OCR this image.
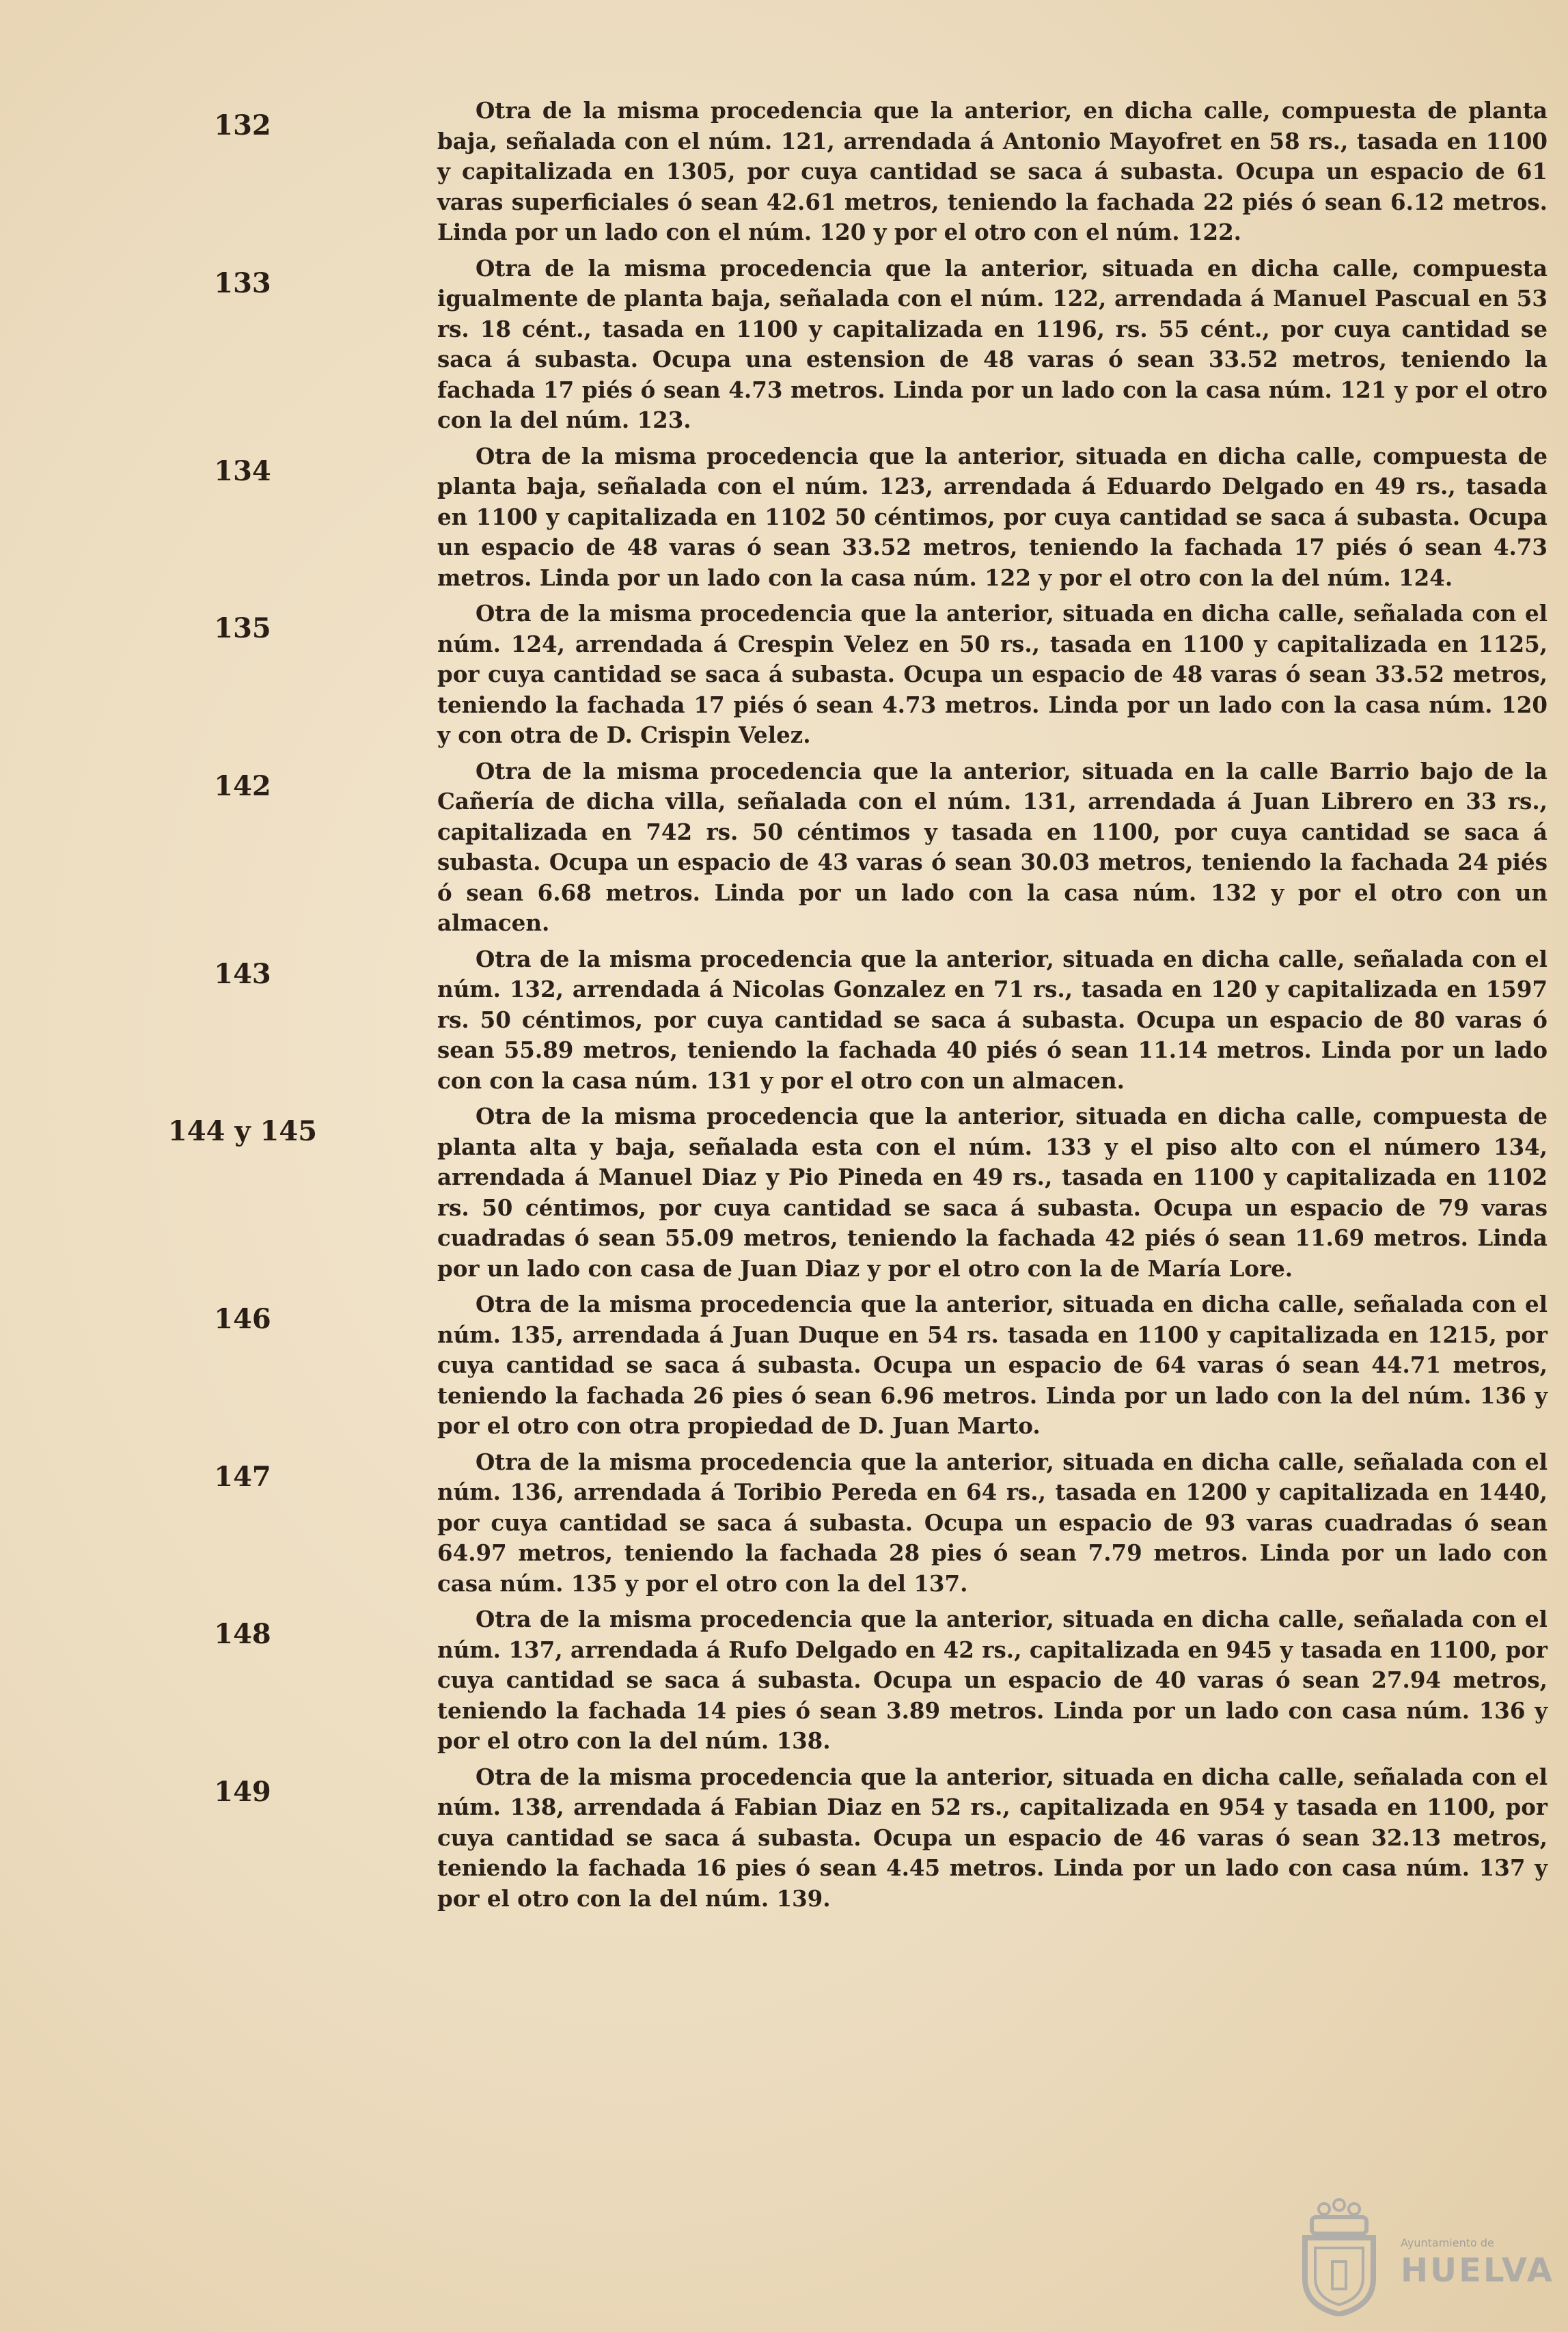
132	Otra de la misma procedencia que la anterior, en dicha calle, compuesta de planta baja, señalada con el núm. 121, arrendada á Antonio Mayofret en 58 rs., tasada en 1100 y capitalizada en 1305, por cuya cantidad se saca á subasta. Ocupa un espacio de 61 varas superficiales ó sean 42.61 metros, teniendo la fachada 22 piés ó sean 6.12 metros. Linda por un lado con el núm. 120 y por el otro con el núm. 122.

133	Otra de la misma procedencia que la anterior, situada en dicha calle, compuesta igualmente de planta baja, señalada con el núm. 122, arrendada á Manuel Pascual en 53 rs. 18 cént., tasada en 1100 y capitalizada en 1196, rs. 55 cént., por cuya cantidad se saca á subasta. Ocupa una estension de 48 varas ó sean 33.52 metros, teniendo la fachada 17 piés ó sean 4.73 metros. Linda por un lado con la casa núm. 121 y por el otro con la del núm. 123.

134	Otra de la misma procedencia que la anterior, situada en dicha calle, compuesta de planta baja, señalada con el núm. 123, arrendada á Eduardo Delgado en 49 rs., tasada en 1100 y capitalizada en 1102 50 céntimos, por cuya cantidad se saca á subasta. Ocupa un espacio de 48 varas ó sean 33.52 metros, teniendo la fachada 17 piés ó sean 4.73 metros. Linda por un lado con la casa núm. 122 y por el otro con la del núm. 124.

135	Otra de la misma procedencia que la anterior, situada en dicha calle, señalada con el núm. 124, arrendada á Crespin Velez en 50 rs., tasada en 1100 y capitalizada en 1125, por cuya cantidad se saca á subasta. Ocupa un espacio de 48 varas ó sean 33.52 metros, teniendo la fachada 17 piés ó sean 4.73 metros. Linda por un lado con la casa núm. 120 y con otra de D. Crispin Velez.

142	Otra de la misma procedencia que la anterior, situada en la calle Barrio bajo de la Cañería de dicha villa, señalada con el núm. 131, arrendada á Juan Librero en 33 rs., capitalizada en 742 rs. 50 céntimos y tasada en 1100, por cuya cantidad se saca á subasta. Ocupa un espacio de 43 varas ó sean 30.03 metros, teniendo la fachada 24 piés ó sean 6.68 metros. Linda por un lado con la casa núm. 132 y por el otro con un almacen.

143	Otra de la misma procedencia que la anterior, situada en dicha calle, señalada con el núm. 132, arrendada á Nicolas Gonzalez en 71 rs., tasada en 120 y capitalizada en 1597 rs. 50 céntimos, por cuya cantidad se saca á subasta. Ocupa un espacio de 80 varas ó sean 55.89 metros, teniendo la fachada 40 piés ó sean 11.14 metros. Linda por un lado con con la casa núm. 131 y por el otro con un almacen.

144 y 145	Otra de la misma procedencia que la anterior, situada en dicha calle, compuesta de planta alta y baja, señalada esta con el núm. 133 y el piso alto con el número 134, arrendada á Manuel Diaz y Pio Pineda en 49 rs., tasada en 1100 y capitalizada en 1102 rs. 50 céntimos, por cuya cantidad se saca á subasta. Ocupa un espacio de 79 varas cuadradas ó sean 55.09 metros, teniendo la fachada 42 piés ó sean 11.69 metros. Linda por un lado con casa de Juan Diaz y por el otro con la de María Lore.

146	Otra de la misma procedencia que la anterior, situada en dicha calle, señalada con el núm. 135, arrendada á Juan Duque en 54 rs. tasada en 1100 y capitalizada en 1215, por cuya cantidad se saca á subasta. Ocupa un espacio de 64 varas ó sean 44.71 metros, teniendo la fachada 26 pies ó sean 6.96 metros. Linda por un lado con la del núm. 136 y por el otro con otra propiedad de D. Juan Marto.

147	Otra de la misma procedencia que la anterior, situada en dicha calle, señalada con el núm. 136, arrendada á Toribio Pereda en 64 rs., tasada en 1200 y capitalizada en 1440, por cuya cantidad se saca á subasta. Ocupa un espacio de 93 varas cuadradas ó sean 64.97 metros, teniendo la fachada 28 pies ó sean 7.79 metros. Linda por un lado con casa núm. 135 y por el otro con la del 137.

148	Otra de la misma procedencia que la anterior, situada en dicha calle, señalada con el núm. 137, arrendada á Rufo Delgado en 42 rs., capitalizada en 945 y tasada en 1100, por cuya cantidad se saca á subasta. Ocupa un espacio de 40 varas ó sean 27.94 metros, teniendo la fachada 14 pies ó sean 3.89 metros. Linda por un lado con casa núm. 136 y por el otro con la del núm. 138.

149	Otra de la misma procedencia que la anterior, situada en dicha calle, señalada con el núm. 138, arrendada á Fabian Diaz en 52 rs., capitalizada en 954 y tasada en 1100, por cuya cantidad se saca á subasta. Ocupa un espacio de 46 varas ó sean 32.13 metros, teniendo la fachada 16 pies ó sean 4.45 metros. Linda por un lado con casa núm. 137 y por el otro con la del núm. 139.

Ayuntamiento de
HUELVA
